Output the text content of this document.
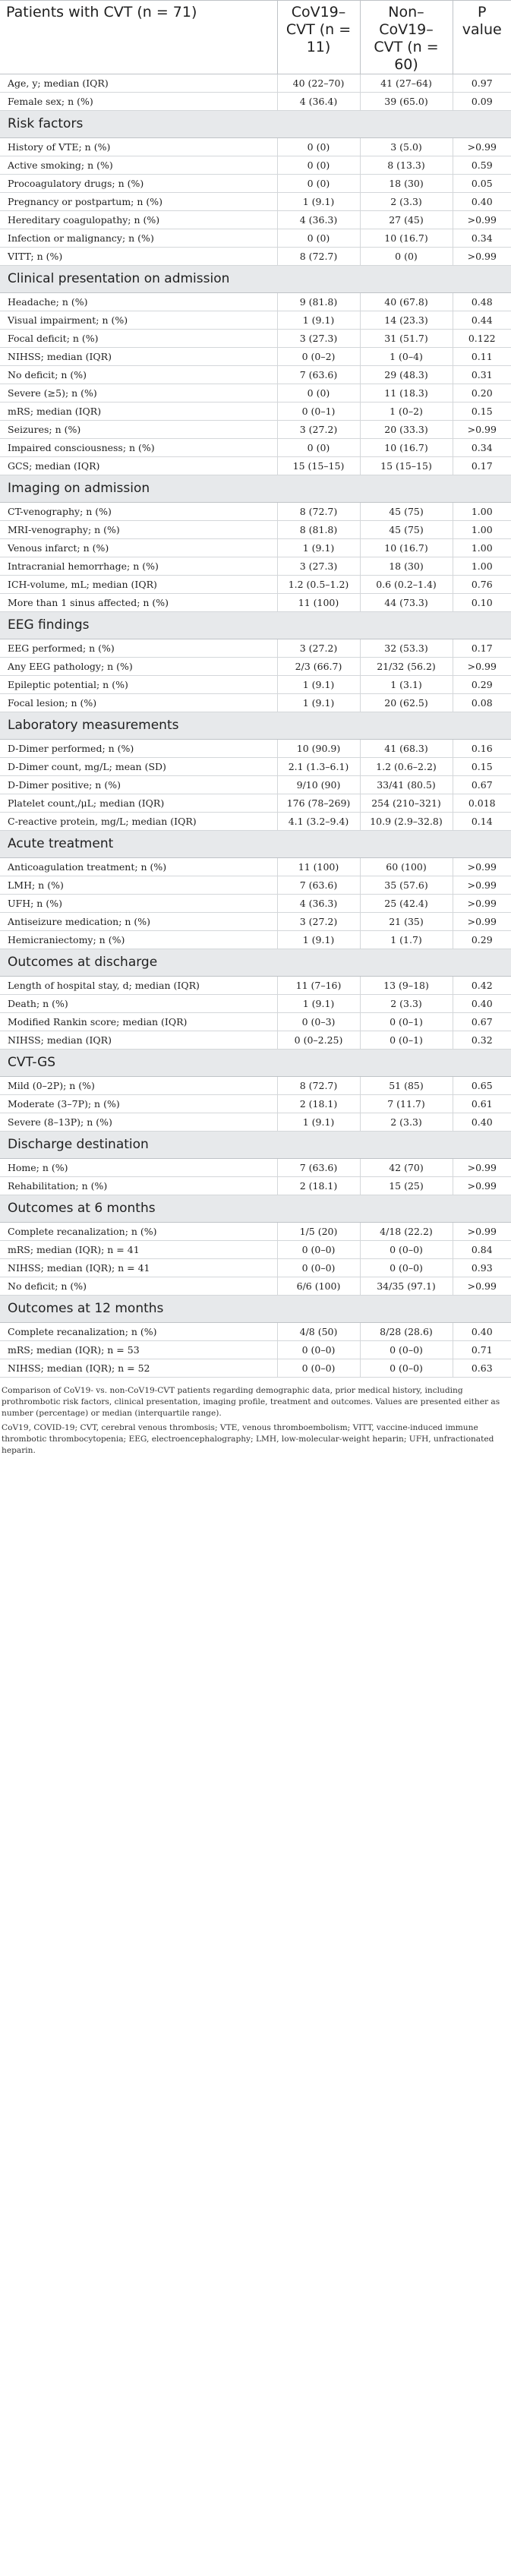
Patients with CVT (n = 71)	CoV19–CVT (n = 11)	Non–CoV19–CVT (n = 60)	P value
Age, y; median (IQR)	40 (22–70)	41 (27–64)	0.97
Female sex; n (%)	4 (36.4)	39 (65.0)	0.09
Risk factors			
History of VTE; n (%)	0 (0)	3 (5.0)	>0.99
Active smoking; n (%)	0 (0)	8 (13.3)	0.59
Procoagulatory drugs; n (%)	0 (0)	18 (30)	0.05
Pregnancy or postpartum; n (%)	1 (9.1)	2 (3.3)	0.40
Hereditary coagulopathy; n (%)	4 (36.3)	27 (45)	>0.99
Infection or malignancy; n (%)	0 (0)	10 (16.7)	0.34
VITT; n (%)	8 (72.7)	0 (0)	>0.99
Clinical presentation on admission			
Headache; n (%)	9 (81.8)	40 (67.8)	0.48
Visual impairment; n (%)	1 (9.1)	14 (23.3)	0.44
Focal deficit; n (%)	3 (27.3)	31 (51.7)	0.122
NIHSS; median (IQR)	0 (0–2)	1 (0–4)	0.11
No deficit; n (%)	7 (63.6)	29 (48.3)	0.31
Severe (≥5); n (%)	0 (0)	11 (18.3)	0.20
mRS; median (IQR)	0 (0–1)	1 (0–2)	0.15
Seizures; n (%)	3 (27.2)	20 (33.3)	>0.99
Impaired consciousness; n (%)	0 (0)	10 (16.7)	0.34
GCS; median (IQR)	15 (15–15)	15 (15–15)	0.17
Imaging on admission			
CT-venography; n (%)	8 (72.7)	45 (75)	1.00
MRI-venography; n (%)	8 (81.8)	45 (75)	1.00
Venous infarct; n (%)	1 (9.1)	10 (16.7)	1.00
Intracranial hemorrhage; n (%)	3 (27.3)	18 (30)	1.00
ICH-volume, mL; median (IQR)	1.2 (0.5–1.2)	0.6 (0.2–1.4)	0.76
More than 1 sinus affected; n (%)	11 (100)	44 (73.3)	0.10
EEG findings			
EEG performed; n (%)	3 (27.2)	32 (53.3)	0.17
Any EEG pathology; n (%)	2/3 (66.7)	21/32 (56.2)	>0.99
Epileptic potential; n (%)	1 (9.1)	1 (3.1)	0.29
Focal lesion; n (%)	1 (9.1)	20 (62.5)	0.08
Laboratory measurements			
D-Dimer performed; n (%)	10 (90.9)	41 (68.3)	0.16
D-Dimer count, mg/L; mean (SD)	2.1 (1.3–6.1)	1.2 (0.6–2.2)	0.15
D-Dimer positive; n (%)	9/10 (90)	33/41 (80.5)	0.67
Platelet count,/μL; median (IQR)	176 (78–269)	254 (210–321)	0.018
C-reactive protein, mg/L; median (IQR)	4.1 (3.2–9.4)	10.9 (2.9–32.8)	0.14
Acute treatment			
Anticoagulation treatment; n (%)	11 (100)	60 (100)	>0.99
LMH; n (%)	7 (63.6)	35 (57.6)	>0.99
UFH; n (%)	4 (36.3)	25 (42.4)	>0.99
Antiseizure medication; n (%)	3 (27.2)	21 (35)	>0.99
Hemicraniectomy; n (%)	1 (9.1)	1 (1.7)	0.29
Outcomes at discharge			
Length of hospital stay, d; median (IQR)	11 (7–16)	13 (9–18)	0.42
Death; n (%)	1 (9.1)	2 (3.3)	0.40
Modified Rankin score; median (IQR)	0 (0–3)	0 (0–1)	0.67
NIHSS; median (IQR)	0 (0–2.25)	0 (0–1)	0.32
CVT-GS			
Mild (0–2P); n (%)	8 (72.7)	51 (85)	0.65
Moderate (3–7P); n (%)	2 (18.1)	7 (11.7)	0.61
Severe (8–13P); n (%)	1 (9.1)	2 (3.3)	0.40
Discharge destination			
Home; n (%)	7 (63.6)	42 (70)	>0.99
Rehabilitation; n (%)	2 (18.1)	15 (25)	>0.99
Outcomes at 6 months			
Complete recanalization; n (%)	1/5 (20)	4/18 (22.2)	>0.99
mRS; median (IQR); n = 41	0 (0–0)	0 (0–0)	0.84
NIHSS; median (IQR); n = 41	0 (0–0)	0 (0–0)	0.93
No deficit; n (%)	6/6 (100)	34/35 (97.1)	>0.99
Outcomes at 12 months			
Complete recanalization; n (%)	4/8 (50)	8/28 (28.6)	0.40
mRS; median (IQR); n = 53	0 (0–0)	0 (0–0)	0.71
NIHSS; median (IQR); n = 52	0 (0–0)	0 (0–0)	0.63

Comparison of CoV19- vs. non-CoV19-CVT patients regarding demographic data, prior medical history, including prothrombotic risk factors, clinical presentation, imaging profile, treatment and outcomes. Values are presented either as number (percentage) or median (interquartile range).

CoV19, COVID-19; CVT, cerebral venous thrombosis; VTE, venous thromboembolism; VITT, vaccine-induced immune thrombotic thrombocytopenia; EEG, electroencephalography; LMH, low-molecular-weight heparin; UFH, unfractionated heparin.
